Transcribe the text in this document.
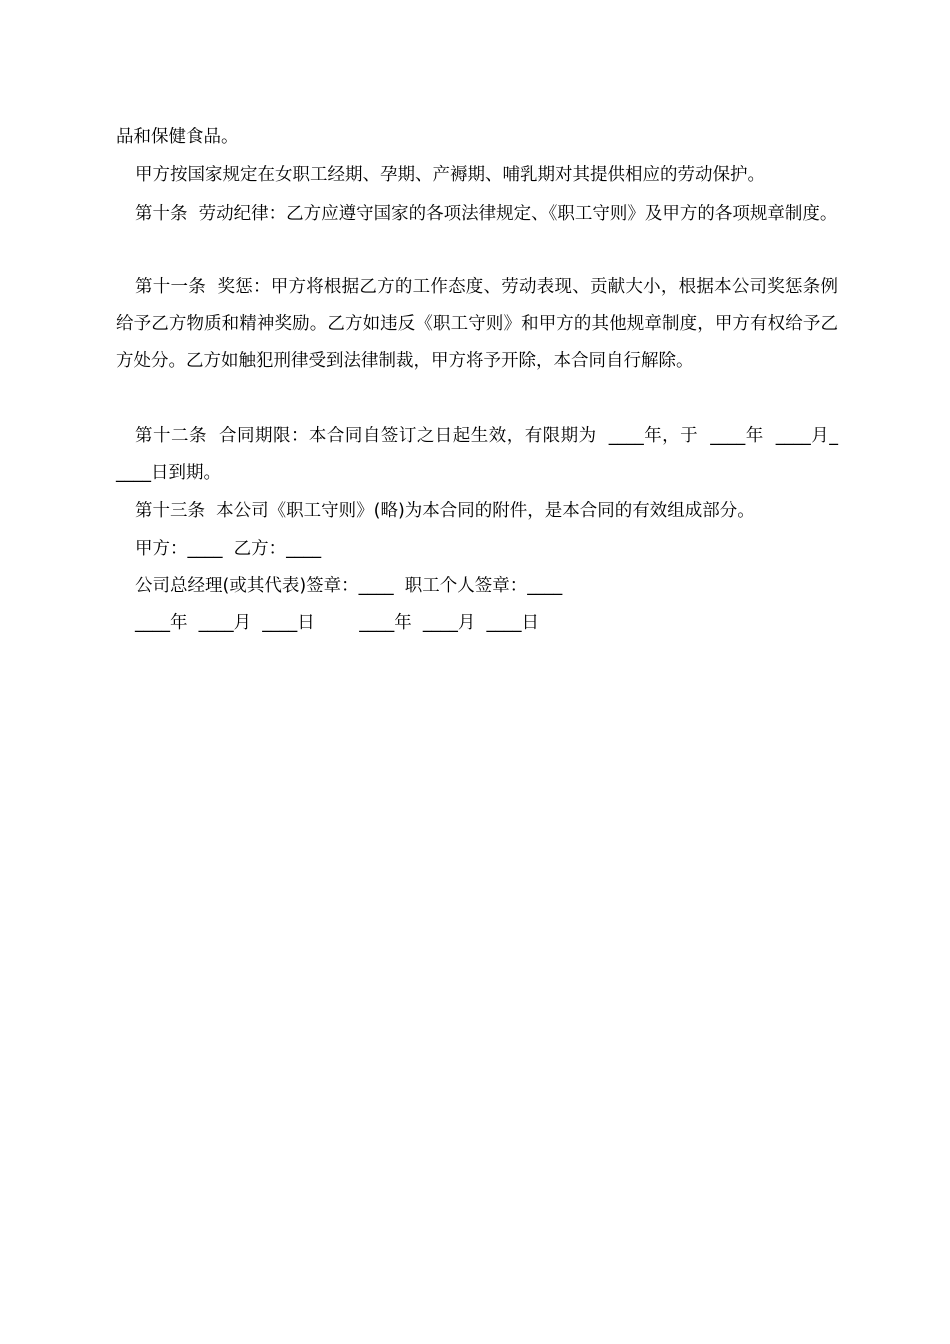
品和保健食品。

甲方按国家规定在女职工经期、孕期、产褥期、哺乳期对其提供相应的劳动保护。

第十条  劳动纪律：乙方应遵守国家的各项法律规定、《职工守则》及甲方的各项规章制度。

第十一条  奖惩：甲方将根据乙方的工作态度、劳动表现、贡献大小，根据本公司奖惩条例给予乙方物质和精神奖励。乙方如违反《职工守则》和甲方的其他规章制度，甲方有权给予乙方处分。乙方如触犯刑律受到法律制裁，甲方将予开除，本合同自行解除。

第十二条  合同期限：本合同自签订之日起生效，有限期为  ____年，于  ____年  ____月_  ____日到期。

第十三条  本公司《职工守则》(略)为本合同的附件，是本合同的有效组成部分。

甲方：____  乙方：____

公司总经理(或其代表)签章：____  职工个人签章：____

____年  ____月  ____日        ____年  ____月  ____日
